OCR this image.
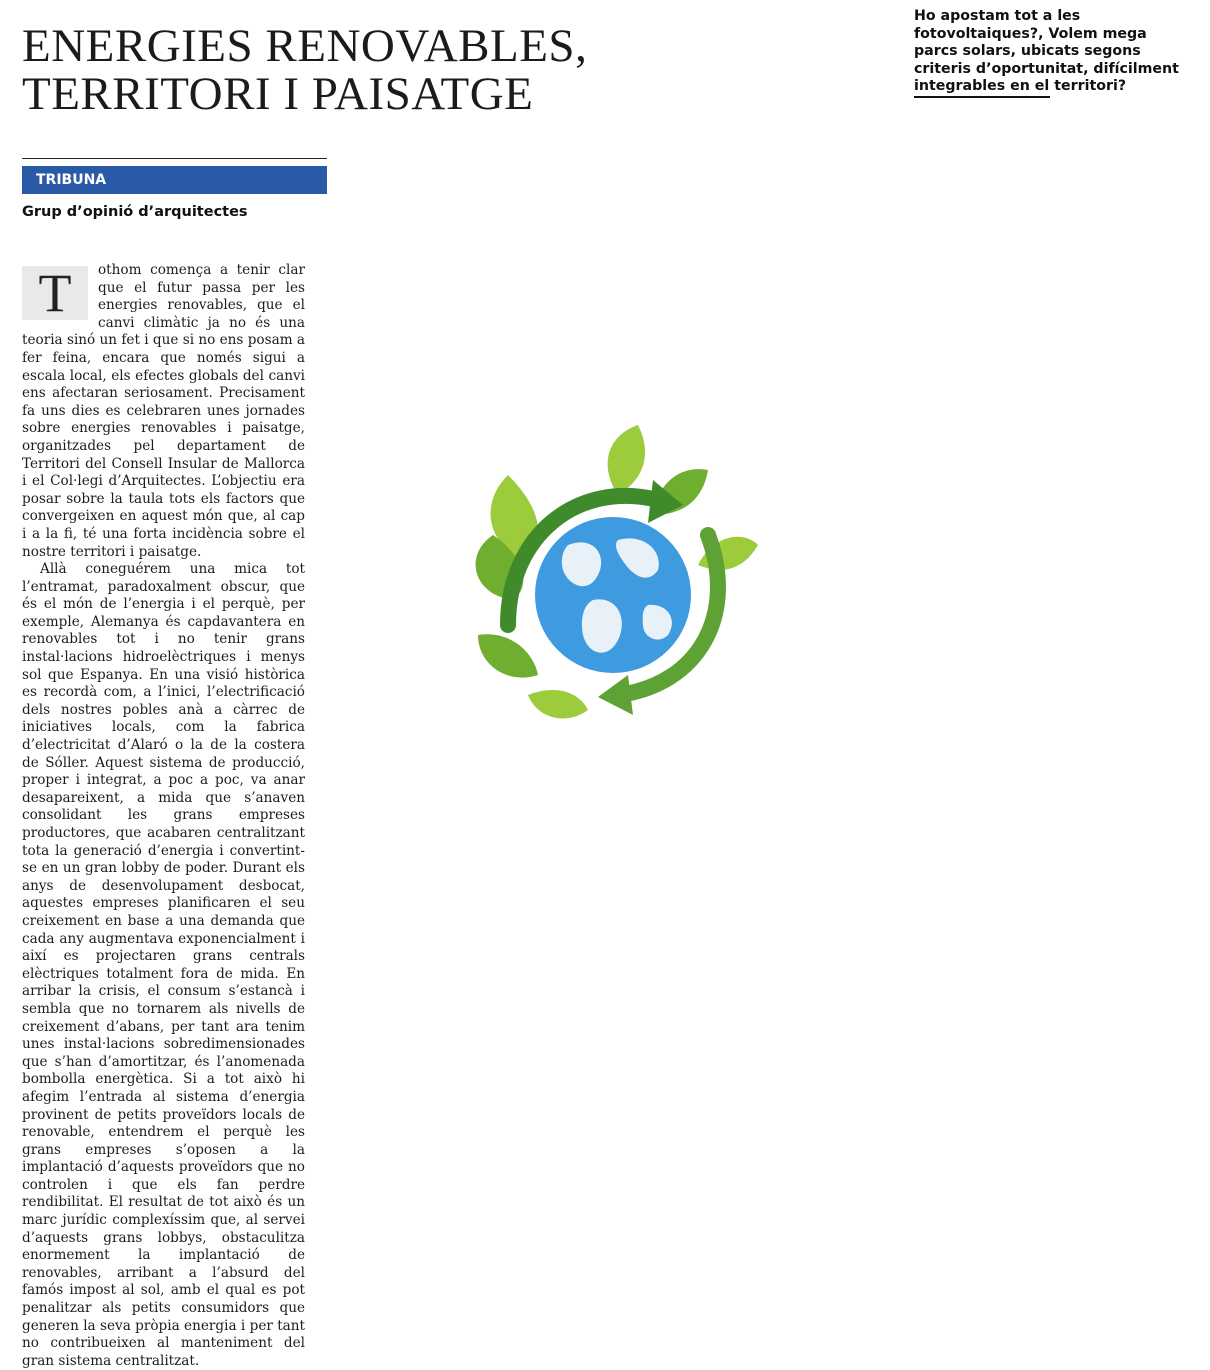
ENERGIES RENOVABLES,
TERRITORI I PAISATGE
TRIBUNA
Grup d’opinió d’arquitectes

T	othom comença a tenir clar que el futur passa per les energies renovables, que el canvi climàtic ja no és una teoria sinó un fet i que si no ens posam a fer feina, encara que només sigui a escala local, els efectes globals del canvi ens afectaran seriosament. Precisament fa uns dies es celebraren unes jornades sobre energies renovables i paisatge, organitzades pel departament de Territori del Consell Insular de Mallorca i el Col·legi d’Arquitectes. L’objectiu era posar sobre la taula tots els factors que convergeixen en aquest món que, al cap i a la fi, té una forta incidència sobre el nostre territori i paisatge.

Allà coneguérem una mica tot l’entramat, paradoxalment obscur, que és el món de l’energia i el perquè, per exemple, Alemanya és capdavantera en renovables tot i no tenir grans instal·lacions hidroelèctriques i menys sol que Espanya. En una visió històrica es recordà com, a l’inici, l’electrificació dels nostres pobles anà a càrrec de iniciatives locals, com la fabrica d’electricitat d’Alaró o la de la costera de Sóller. Aquest sistema de producció, proper i integrat, a poc a poc, va anar desapareixent, a mida que s’anaven consolidant les grans empreses productores, que acabaren centralitzant tota la generació d’energia i convertint-se en un gran lobby de poder. Durant els anys de desenvolupament desbocat, aquestes empreses planificaren el seu creixement en base a una demanda que cada any augmentava exponencialment i així es projectaren grans centrals elèctriques totalment fora de mida. En arribar la crisis, el consum s’estancà i sembla que no tornarem als nivells de creixement d’abans, per tant ara tenim unes instal·lacions sobredimensionades que s’han d’amortitzar, és l’anomenada bombolla energètica. Si a tot això hi afegim l’entrada al sistema d’energia provinent de petits proveïdors locals de renovable, entendrem el perquè les grans empreses s’oposen a la implantació d’aquests proveïdors que no controlen i que els fan perdre rendibilitat. El resultat de tot això és un marc jurídic complexíssim que, al servei d’aquests grans lobbys, obstaculitza enormement la implantació de renovables, arribant a l’absurd del famós impost al sol, amb el qual es pot penalitzar als petits consumidors que generen la seva pròpia energia i per tant no contribueixen al manteniment del gran sistema centralitzat.

Ho apostam tot a les fotovoltaiques?, Volem mega parcs solars, ubicats segons criteris d’oportunitat, difícilment integrables en el territori?
